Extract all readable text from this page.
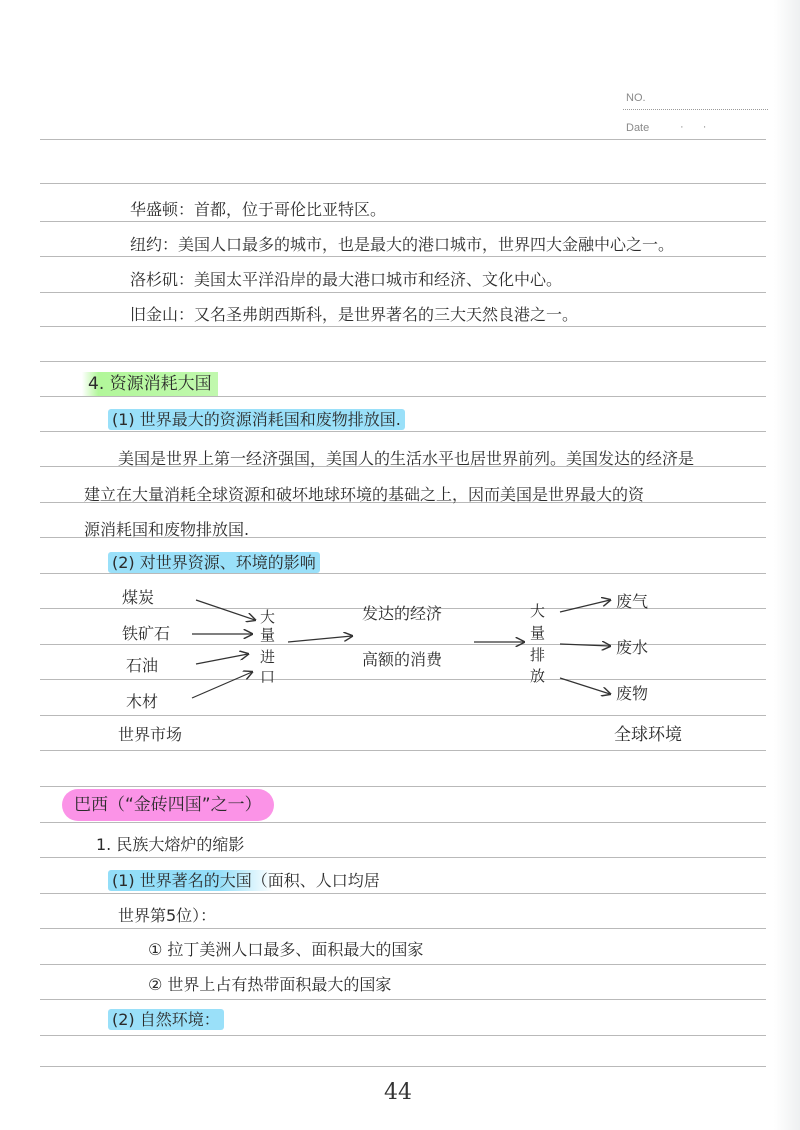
NO.
Date	· ·
华盛顿：首都，位于哥伦比亚特区。
纽约：美国人口最多的城市，也是最大的港口城市，世界四大金融中心之一。
洛杉矶：美国太平洋沿岸的最大港口城市和经济、文化中心。
旧金山：又名圣弗朗西斯科，是世界著名的三大天然良港之一。
4. 资源消耗大国
(1) 世界最大的资源消耗国和废物排放国.
美国是世界上第一经济强国，美国人的生活水平也居世界前列。美国发达的经济是
建立在大量消耗全球资源和破坏地球环境的基础之上，因而美国是世界最大的资
源消耗国和废物排放国.
(2) 对世界资源、环境的影响
煤炭
铁矿石
石油
木材
世界市场
大
量
进
口
发达的经济
高额的消费
大
量
排
放
废气
废水
废物
全球环境
巴西（“金砖四国”之一）
1. 民族大熔炉的缩影
(1) 世界著名的大国（面积、人口均居
世界第5位）：
① 拉丁美洲人口最多、面积最大的国家
② 世界上占有热带面积最大的国家
(2) 自然环境：
44
